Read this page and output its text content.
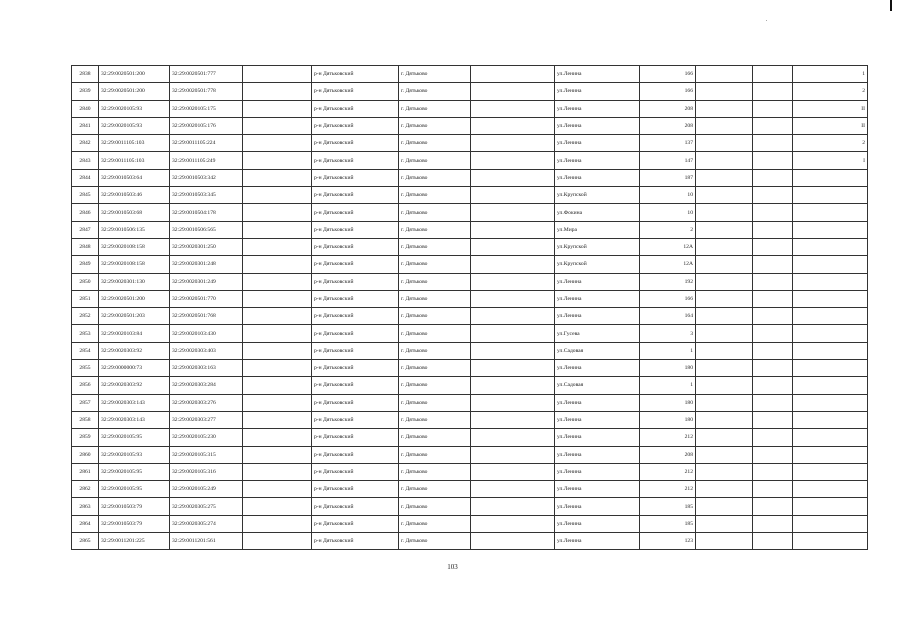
2838	32:29:0020501:200	32:29:0020501:777		р-н Дятьковский	г. Дятьково		ул.Ленина	166			1
2839	32:29:0020501:200	32:29:0020501:778		р-н Дятьковский	г. Дятьково		ул.Ленина	166			2
2840	32:29:0020105:93	32:29:0020105:175		р-н Дятьковский	г. Дятьково		ул.Ленина	208			II
2841	32:29:0020105:93	32:29:0020105:176		р-н Дятьковский	г. Дятьково		ул.Ленина	208			II
2842	32:29:0011105:103	32:29:0011105:224		р-н Дятьковский	г. Дятьково		ул.Ленина	137			2
2843	32:29:0011105:103	32:29:0011105:249		р-н Дятьковский	г. Дятьково		ул.Ленина	147			I
2844	32:29:0010503:64	32:29:0010503:342		р-н Дятьковский	г. Дятьково		ул.Ленина	187			
2845	32:29:0010503:46	32:29:0010503:345		р-н Дятьковский	г. Дятьково		ул.Крупской	10			
2846	32:29:0010503:68	32:29:0010504:178		р-н Дятьковский	г. Дятьково		ул.Фокина	10			
2847	32:29:0010506:135	32:29:0010506:565		р-н Дятьковский	г. Дятьково		ул.Мира	2			
2848	32:29:0020108:158	32:29:0020301:250		р-н Дятьковский	г. Дятьково		ул.Крупской	12А			
2849	32:29:0020108:158	32:29:0020301:248		р-н Дятьковский	г. Дятьково		ул.Крупской	12А			
2850	32:29:0020301:130	32:29:0020301:249		р-н Дятьковский	г. Дятьково		ул.Ленина	192			
2851	32:29:0020501:200	32:29:0020501:770		р-н Дятьковский	г. Дятьково		ул.Ленина	166			
2852	32:29:0020501:203	32:29:0020501:768		р-н Дятьковский	г. Дятьково		ул.Ленина	164			
2853	32:29:0020103:84	32:29:0020103:430		р-н Дятьковский	г. Дятьково		ул.Гусева	3			
2854	32:29:0020303:92	32:29:0020303:403		р-н Дятьковский	г. Дятьково		ул.Садовая	1			
2855	32:29:0000000:73	32:29:0020303:163		р-н Дятьковский	г. Дятьково		ул.Ленина	180			
2856	32:29:0020303:92	32:29:0020303:284		р-н Дятьковский	г. Дятьково		ул.Садовая	1			
2857	32:29:0020303:143	32:29:0020303:276		р-н Дятьковский	г. Дятьково		ул.Ленина	180			
2858	32:29:0020303:143	32:29:0020303:277		р-н Дятьковский	г. Дятьково		ул.Ленина	180			
2859	32:29:0020105:95	32:29:0020105:230		р-н Дятьковский	г. Дятьково		ул.Ленина	212			
2860	32:29:0020105:93	32:29:0020105:315		р-н Дятьковский	г. Дятьково		ул.Ленина	208			
2861	32:29:0020105:95	32:29:0020105:316		р-н Дятьковский	г. Дятьково		ул.Ленина	212			
2862	32:29:0020105:95	32:29:0020105:249		р-н Дятьковский	г. Дятьково		ул.Ленина	212			
2863	32:29:0010503:79	32:29:0020305:275		р-н Дятьковский	г. Дятьково		ул.Ленина	185			
2864	32:29:0010503:79	32:29:0020305:274		р-н Дятьковский	г. Дятьково		ул.Ленина	185			
2865	32:29:0011201:225	32:29:0011201:561		р-н Дятьковский	г. Дятьково		ул.Ленина	123			
103
